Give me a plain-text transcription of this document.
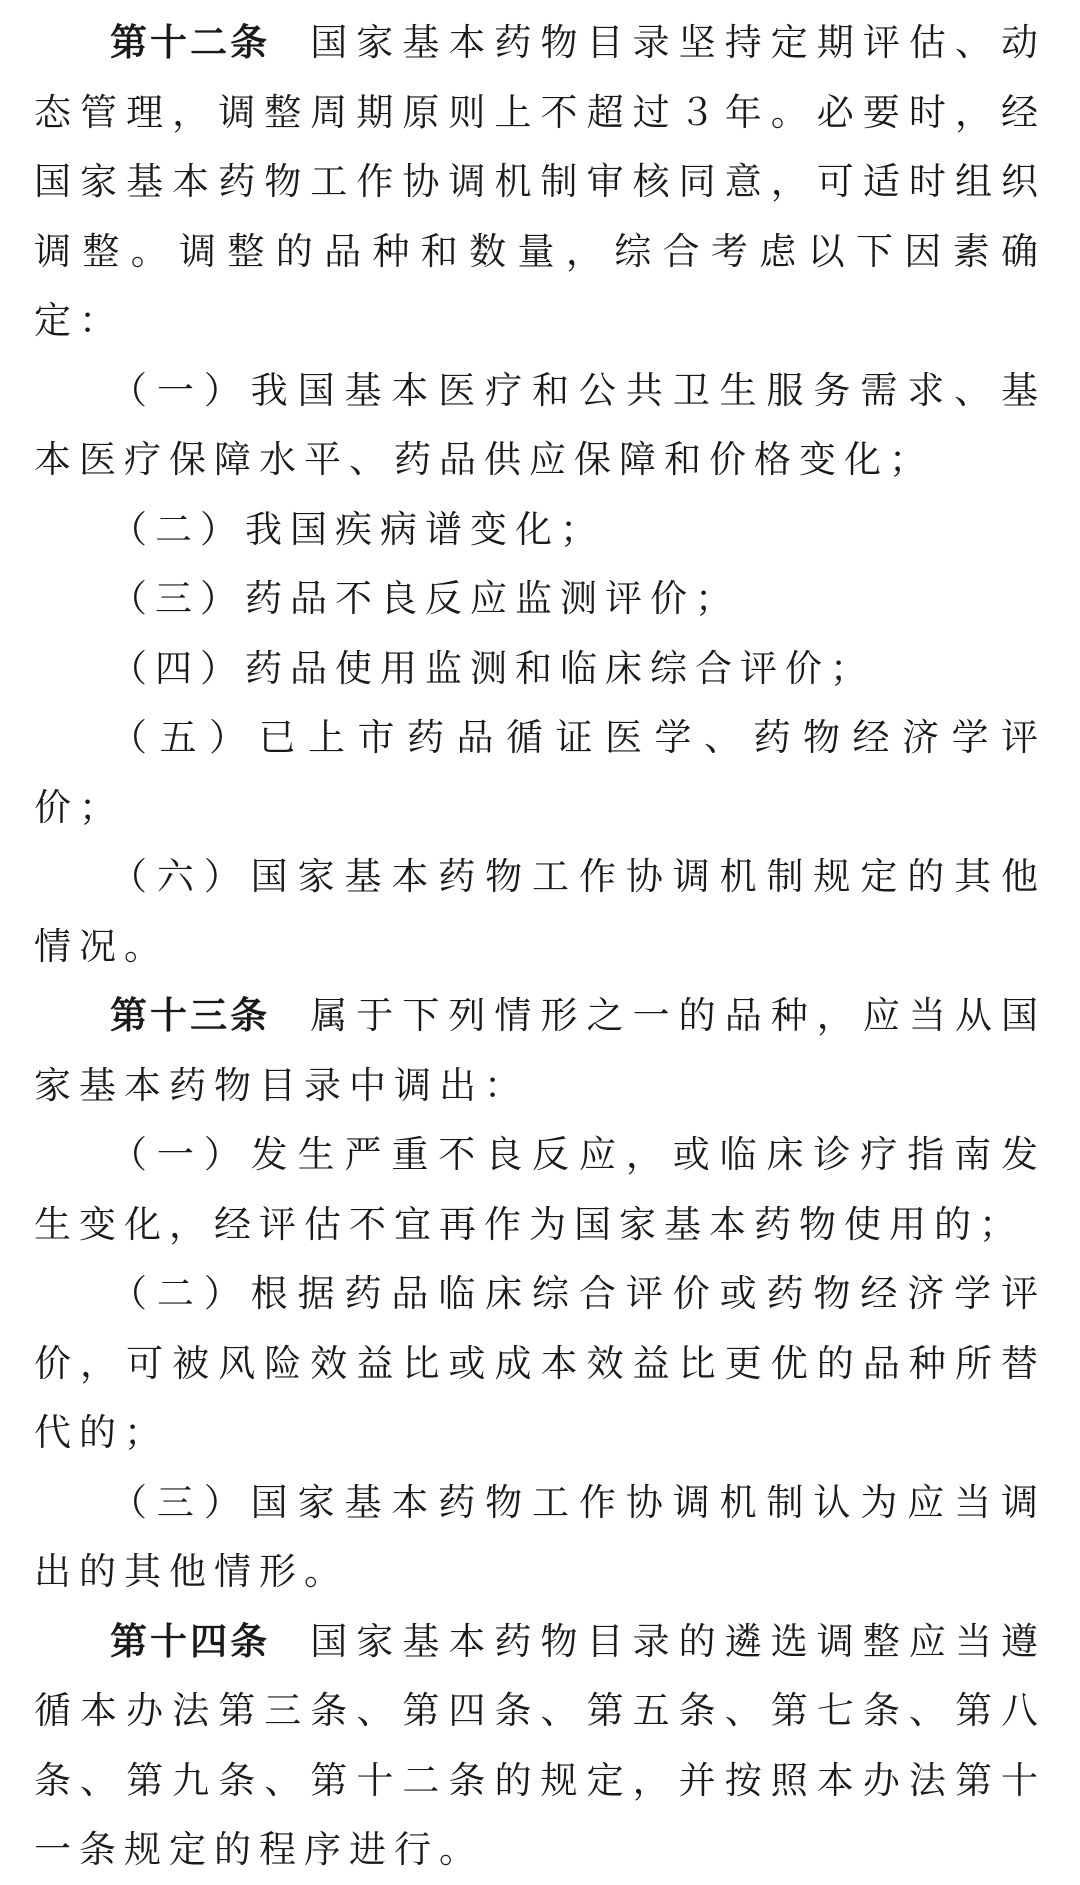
第十二条 国家基本药物目录坚持定期评估、动态管理，调整周期原则上不超过３年。必要时，经国家基本药物工作协调机制审核同意，可适时组织调整。调整的品种和数量，综合考虑以下因素确定：

（一）我国基本医疗和公共卫生服务需求、基本医疗保障水平、药品供应保障和价格变化；

（二）我国疾病谱变化；

（三）药品不良反应监测评价；

（四）药品使用监测和临床综合评价；

（五）已上市药品循证医学、药物经济学评价；

（六）国家基本药物工作协调机制规定的其他情况。

第十三条 属于下列情形之一的品种，应当从国家基本药物目录中调出：

（一）发生严重不良反应，或临床诊疗指南发生变化，经评估不宜再作为国家基本药物使用的；

（二）根据药品临床综合评价或药物经济学评价，可被风险效益比或成本效益比更优的品种所替代的；

（三）国家基本药物工作协调机制认为应当调出的其他情形。

第十四条 国家基本药物目录的遴选调整应当遵循本办法第三条、第四条、第五条、第七条、第八条、第九条、第十二条的规定，并按照本办法第十一条规定的程序进行。
